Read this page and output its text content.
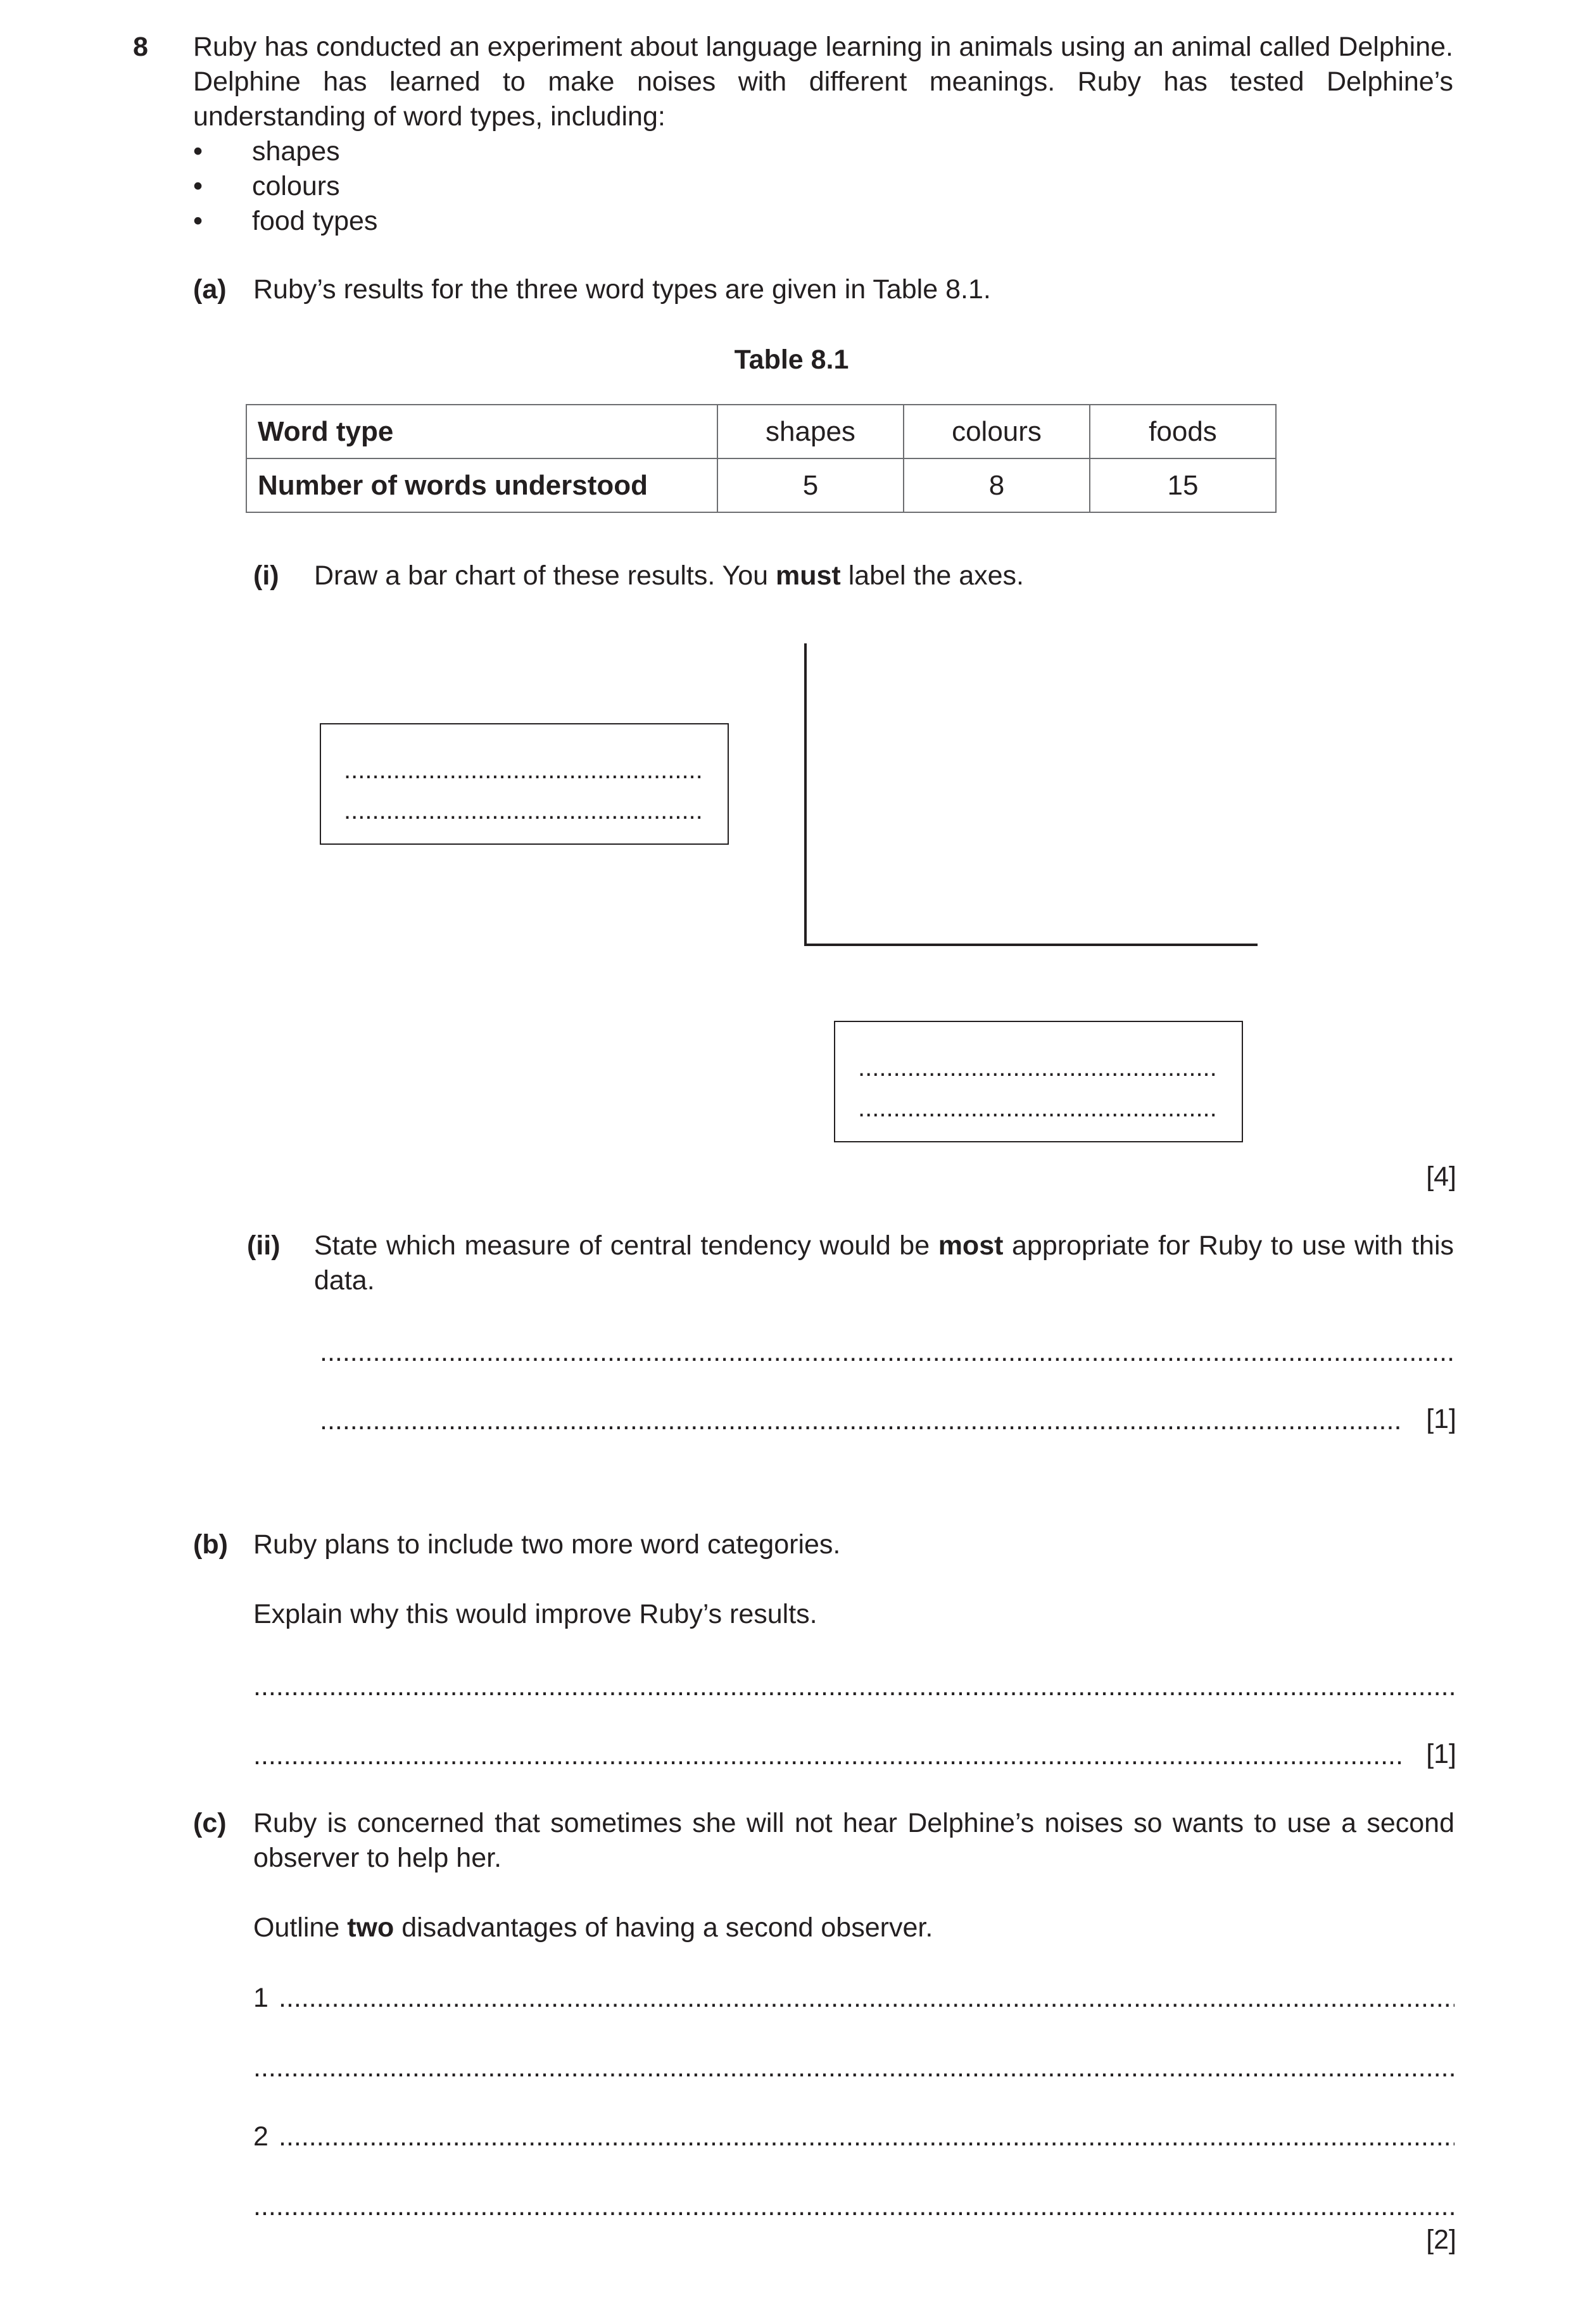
8 Ruby has conducted an experiment about language learning in animals using an animal called Delphine. Delphine has learned to make noises with different meanings. Ruby has tested Delphine’s understanding of word types, including:
• shapes
• colours
• food types
(a) Ruby’s results for the three word types are given in Table 8.1.
Table 8.1
Word type	shapes	colours	foods
Number of words understood	5	8	15
(i) Draw a bar chart of these results. You must label the axes.
.....
.....
.....
.....
[4]
(ii) State which measure of central tendency would be most appropriate for Ruby to use with this data.
.....
.....
[1]
(b) Ruby plans to include two more word categories.
Explain why this would improve Ruby’s results.
.....
.....
[1]
(c) Ruby is concerned that sometimes she will not hear Delphine’s noises so wants to use a second observer to help her.
Outline two disadvantages of having a second observer.
1
.....
.....
2
.....
.....
[2]
